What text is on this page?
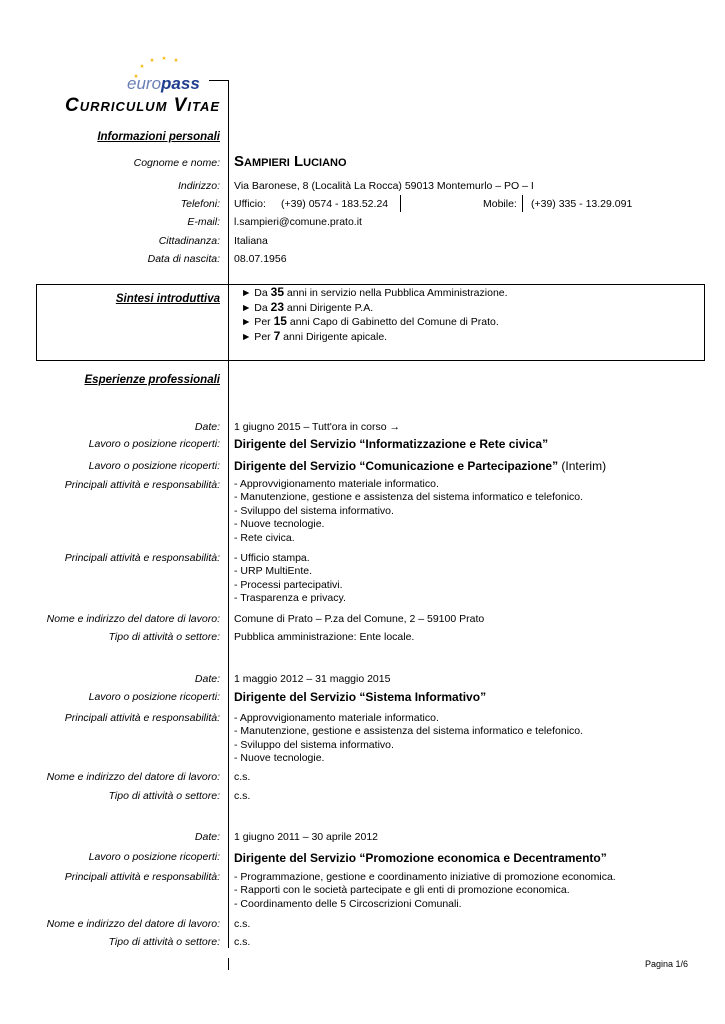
europass
Curriculum Vitae
Informazioni personali
Cognome e nome: Sampieri Luciano
Indirizzo: Via Baronese, 8 (Località La Rocca) 59013 Montemurlo – PO – I
Telefoni: Ufficio: (+39) 0574 - 183.52.24	Mobile: (+39) 335 - 13.29.091
E-mail: l.sampieri@comune.prato.it
Cittadinanza: Italiana
Data di nascita: 08.07.1956
Sintesi introduttiva ► Da 35 anni in servizio nella Pubblica Amministrazione.
► Da 23 anni Dirigente P.A.
► Per 15 anni Capo di Gabinetto del Comune di Prato.
► Per 7 anni Dirigente apicale.
Esperienze professionali
Date: 1 giugno 2015 – Tutt'ora in corso →
Lavoro o posizione ricoperti: Dirigente del Servizio “Informatizzazione e Rete civica”
Lavoro o posizione ricoperti: Dirigente del Servizio “Comunicazione e Partecipazione” (Interim)
Principali attività e responsabilità:	- Approvvigionamento materiale informatico.
- Manutenzione, gestione e assistenza del sistema informatico e telefonico.
- Sviluppo del sistema informativo.
- Nuove tecnologie.
- Rete civica.
Principali attività e responsabilità:	- Ufficio stampa.
- URP MultiEnte.
- Processi partecipativi.
- Trasparenza e privacy.
Nome e indirizzo del datore di lavoro: Comune di Prato – P.za del Comune, 2 – 59100 Prato
Tipo di attività o settore: Pubblica amministrazione: Ente locale.
Date: 1 maggio 2012 – 31 maggio 2015
Lavoro o posizione ricoperti: Dirigente del Servizio “Sistema Informativo”
Principali attività e responsabilità:	- Approvvigionamento materiale informatico.
- Manutenzione, gestione e assistenza del sistema informatico e telefonico.
- Sviluppo del sistema informativo.
- Nuove tecnologie.
Nome e indirizzo del datore di lavoro: c.s.
Tipo di attività o settore: c.s.
Date: 1 giugno 2011 – 30 aprile 2012
Lavoro o posizione ricoperti: Dirigente del Servizio “Promozione economica e Decentramento”
Principali attività e responsabilità:	- Programmazione, gestione e coordinamento iniziative di promozione economica.
- Rapporti con le società partecipate e gli enti di promozione economica.
- Coordinamento delle 5 Circoscrizioni Comunali.
Nome e indirizzo del datore di lavoro: c.s.
Tipo di attività o settore: c.s.
Pagina 1/6
